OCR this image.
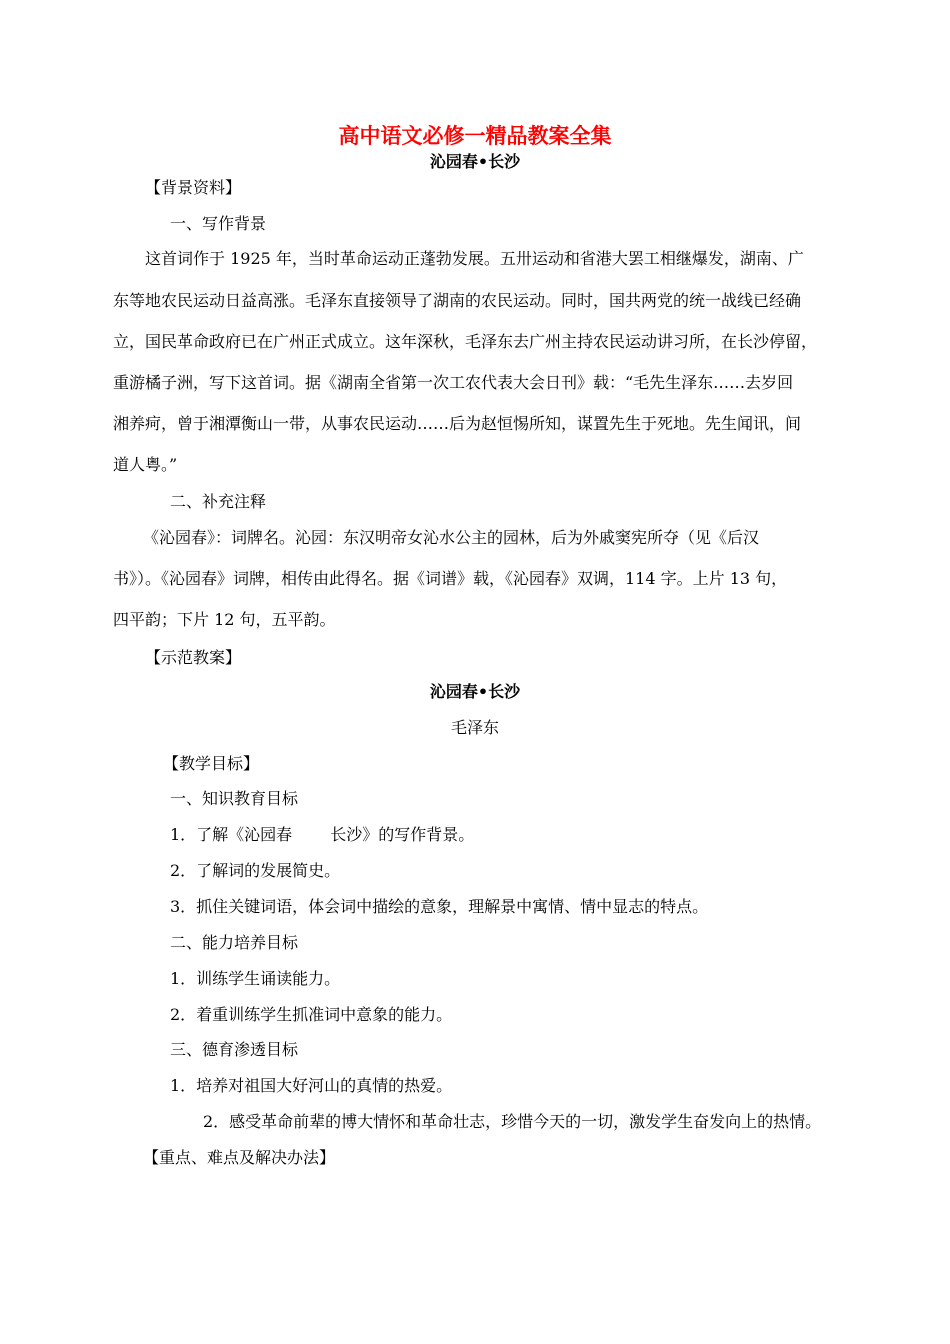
高中语文必修一精品教案全集
沁园春•长沙
【背景资料】
一、写作背景
这首词作于 1925 年，当时革命运动正蓬勃发展。五卅运动和省港大罢工相继爆发，湖南、广
东等地农民运动日益高涨。毛泽东直接领导了湖南的农民运动。同时，国共两党的统一战线已经确
立，国民革命政府已在广州正式成立。这年深秋，毛泽东去广州主持农民运动讲习所，在长沙停留，
重游橘子洲，写下这首词。据《湖南全省第一次工农代表大会日刊》载：“毛先生泽东……去岁回
湘养疴，曾于湘潭衡山一带，从事农民运动……后为赵恒惕所知，谋置先生于死地。先生闻讯，间
道人粤。”
二、补充注释
《沁园春》：词牌名。沁园：东汉明帝女沁水公主的园林，后为外戚窦宪所夺（见《后汉
书》）。《沁园春》词牌，相传由此得名。据《词谱》载，《沁园春》双调，114 字。上片 13 句，
四平韵；下片 12 句，五平韵。
【示范教案】
沁园春•长沙
毛泽东
【教学目标】
一、知识教育目标
1．了解《沁园春 长沙》的写作背景。
2．了解词的发展简史。
3．抓住关键词语，体会词中描绘的意象，理解景中寓情、情中显志的特点。
二、能力培养目标
1．训练学生诵读能力。
2．着重训练学生抓准词中意象的能力。
三、德育渗透目标
1．培养对祖国大好河山的真情的热爱。
2．感受革命前辈的博大情怀和革命壮志，珍惜今天的一切，激发学生奋发向上的热情。
【重点、难点及解决办法】
